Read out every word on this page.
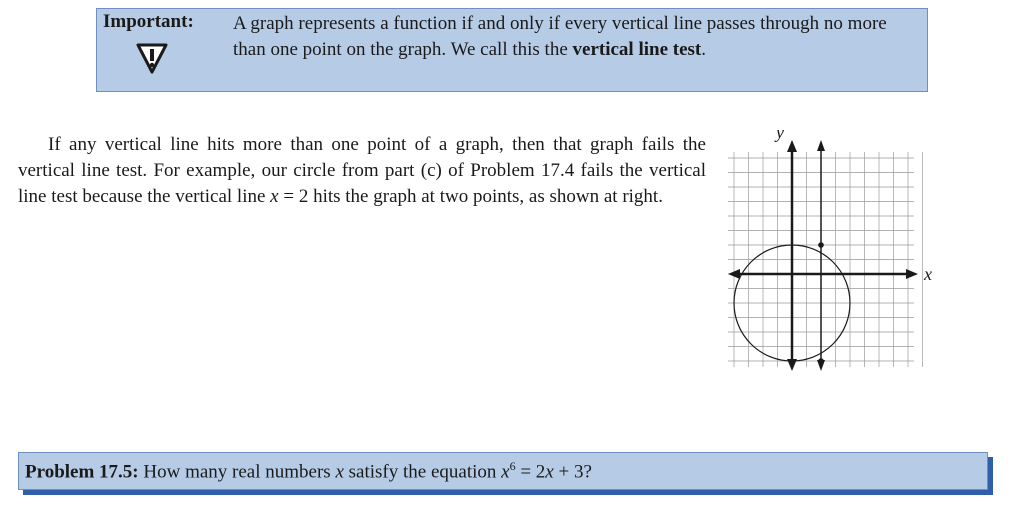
Important: A graph represents a function if and only if every vertical line passes through no more than one point on the graph. We call this the vertical line test.
If any vertical line hits more than one point of a graph, then that graph fails the vertical line test. For example, our circle from part (c) of Problem 17.4 fails the vertical line test because the vertical line x = 2 hits the graph at two points, as shown at right.
x
y
Problem 17.5: How many real numbers x satisfy the equation $x^6 = 2x + 3$?
